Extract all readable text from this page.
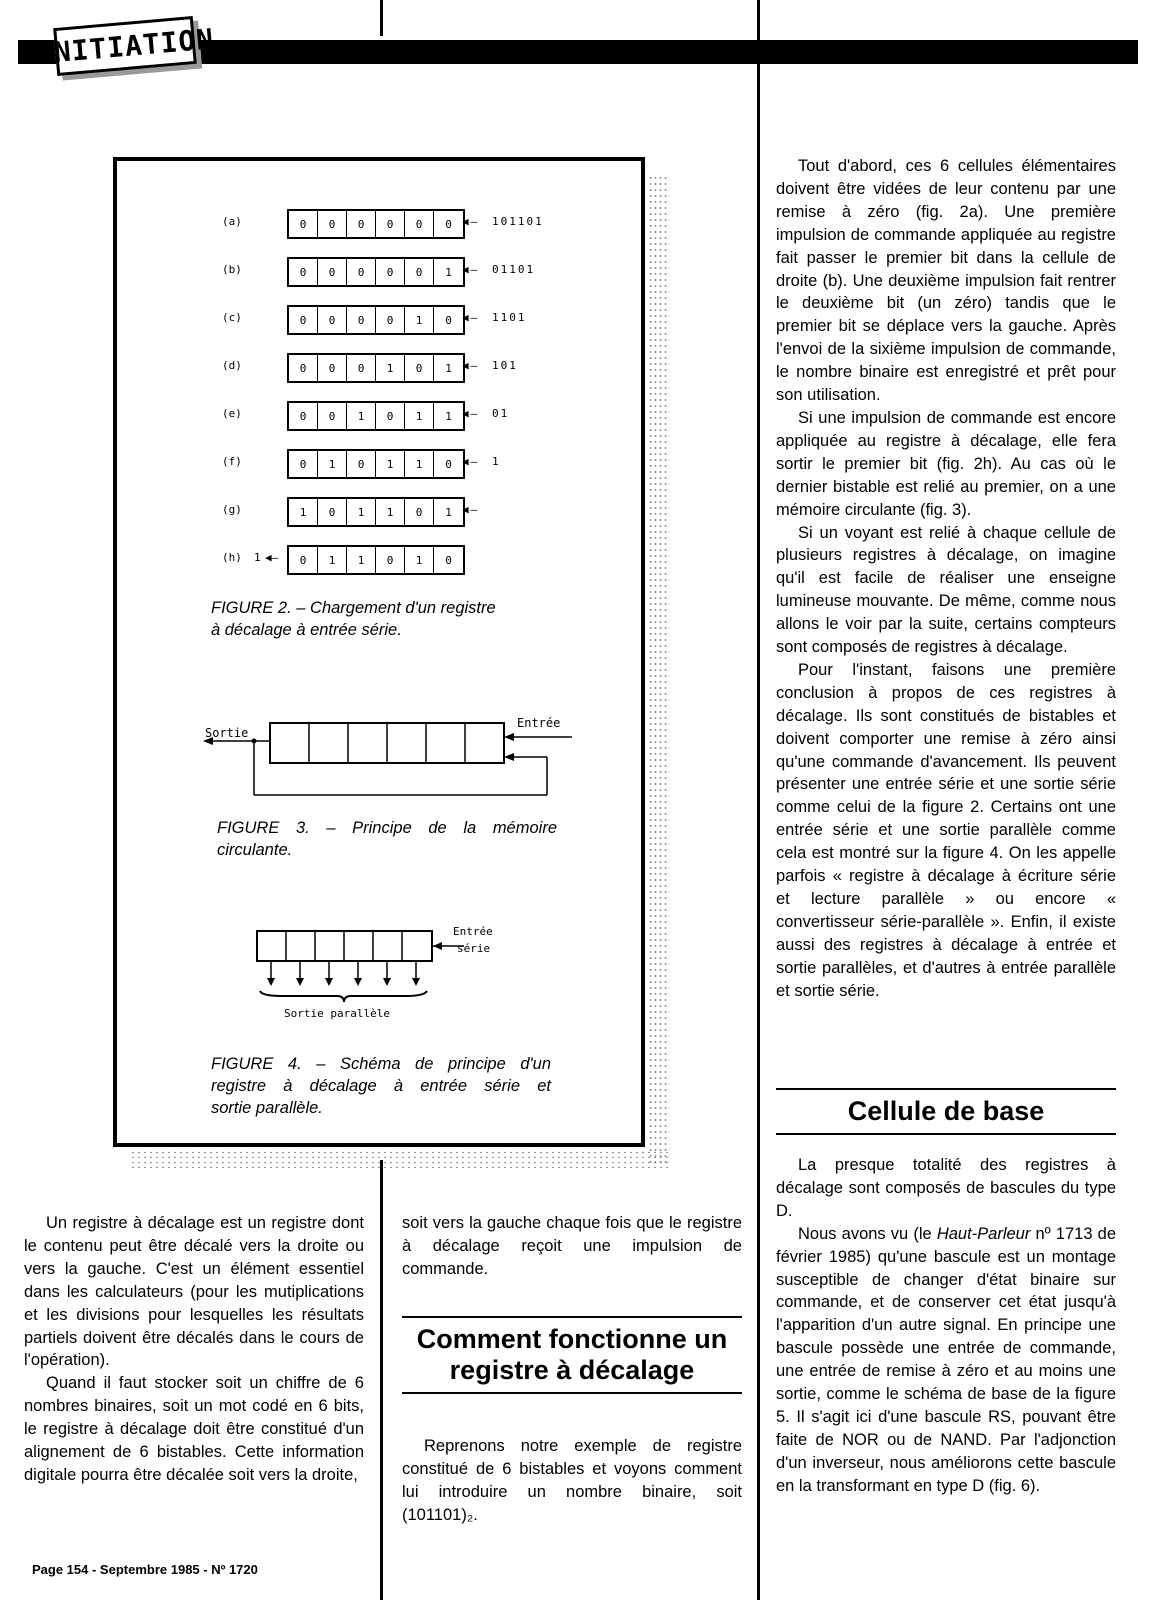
INITIATION
(a)	0	0	0	0	0	0 ◀— 101101
(b)	0	0	0	0	0	1 ◀— 01101
(c)	0	0	0	0	1	0 ◀— 1101
(d)	0	0	0	1	0	1 ◀— 101
(e)	0	0	1	0	1	1 ◀— 01
(f)	0	1	0	1	1	0 ◀— 1
(g)	1	0	1	1	0	1 ◀—
(h)	0	1	1	0	1	0
1 ◀—
FIGURE 2. – Chargement d'un registre
à décalage à entrée série.
Sortie
Entrée
FIGURE 3. – Principe de la mémoire
circulante.
Entrée
série
Sortie parallèle
FIGURE 4. – Schéma de principe d'un
registre à décalage à entrée série et
sortie parallèle.

Un registre à décalage est un registre dont le contenu peut être décalé vers la droite ou vers la gauche. C'est un élément essentiel dans les calculateurs (pour les mutiplications et les divisions pour lesquelles les résultats partiels doivent être décalés dans le cours de l'opération).

Quand il faut stocker soit un chiffre de 6 nombres binaires, soit un mot codé en 6 bits, le registre à décalage doit être constitué d'un alignement de 6 bistables. Cette information digitale pourra être décalée soit vers la droite,

soit vers la gauche chaque fois que le registre à décalage reçoit une impulsion de commande.

Comment fonctionne un registre à décalage

Reprenons notre exemple de registre constitué de 6 bistables et voyons comment lui introduire un nombre binaire, soit (101101)₂.

Tout d'abord, ces 6 cellules élémentaires doivent être vidées de leur contenu par une remise à zéro (fig. 2a). Une première impulsion de commande appliquée au registre fait passer le premier bit dans la cellule de droite (b). Une deuxième impulsion fait rentrer le deuxième bit (un zéro) tandis que le premier bit se déplace vers la gauche. Après l'envoi de la sixième impulsion de commande, le nombre binaire est enregistré et prêt pour son utilisation.

Si une impulsion de commande est encore appliquée au registre à décalage, elle fera sortir le premier bit (fig. 2h). Au cas où le dernier bistable est relié au premier, on a une mémoire circulante (fig. 3).

Si un voyant est relié à chaque cellule de plusieurs registres à décalage, on imagine qu'il est facile de réaliser une enseigne lumineuse mouvante. De même, comme nous allons le voir par la suite, certains compteurs sont composés de registres à décalage.

Pour l'instant, faisons une première conclusion à propos de ces registres à décalage. Ils sont constitués de bistables et doivent comporter une remise à zéro ainsi qu'une commande d'avancement. Ils peuvent présenter une entrée série et une sortie série comme celui de la figure 2. Certains ont une entrée série et une sortie parallèle comme cela est montré sur la figure 4. On les appelle parfois « registre à décalage à écriture série et lecture parallèle » ou encore « convertisseur série-parallèle ». Enfin, il existe aussi des registres à décalage à entrée et sortie parallèles, et d'autres à entrée parallèle et sortie série.

Cellule de base

La presque totalité des registres à décalage sont composés de bascules du type D.

Nous avons vu (le Haut-Parleur nº 1713 de février 1985) qu'une bascule est un montage susceptible de changer d'état binaire sur commande, et de conserver cet état jusqu'à l'apparition d'un autre signal. En principe une bascule possède une entrée de commande, une entrée de remise à zéro et au moins une sortie, comme le schéma de base de la figure 5. Il s'agit ici d'une bascule RS, pouvant être faite de NOR ou de NAND. Par l'adjonction d'un inverseur, nous améliorons cette bascule en la transformant en type D (fig. 6).

Page 154 - Septembre 1985 - Nº 1720
